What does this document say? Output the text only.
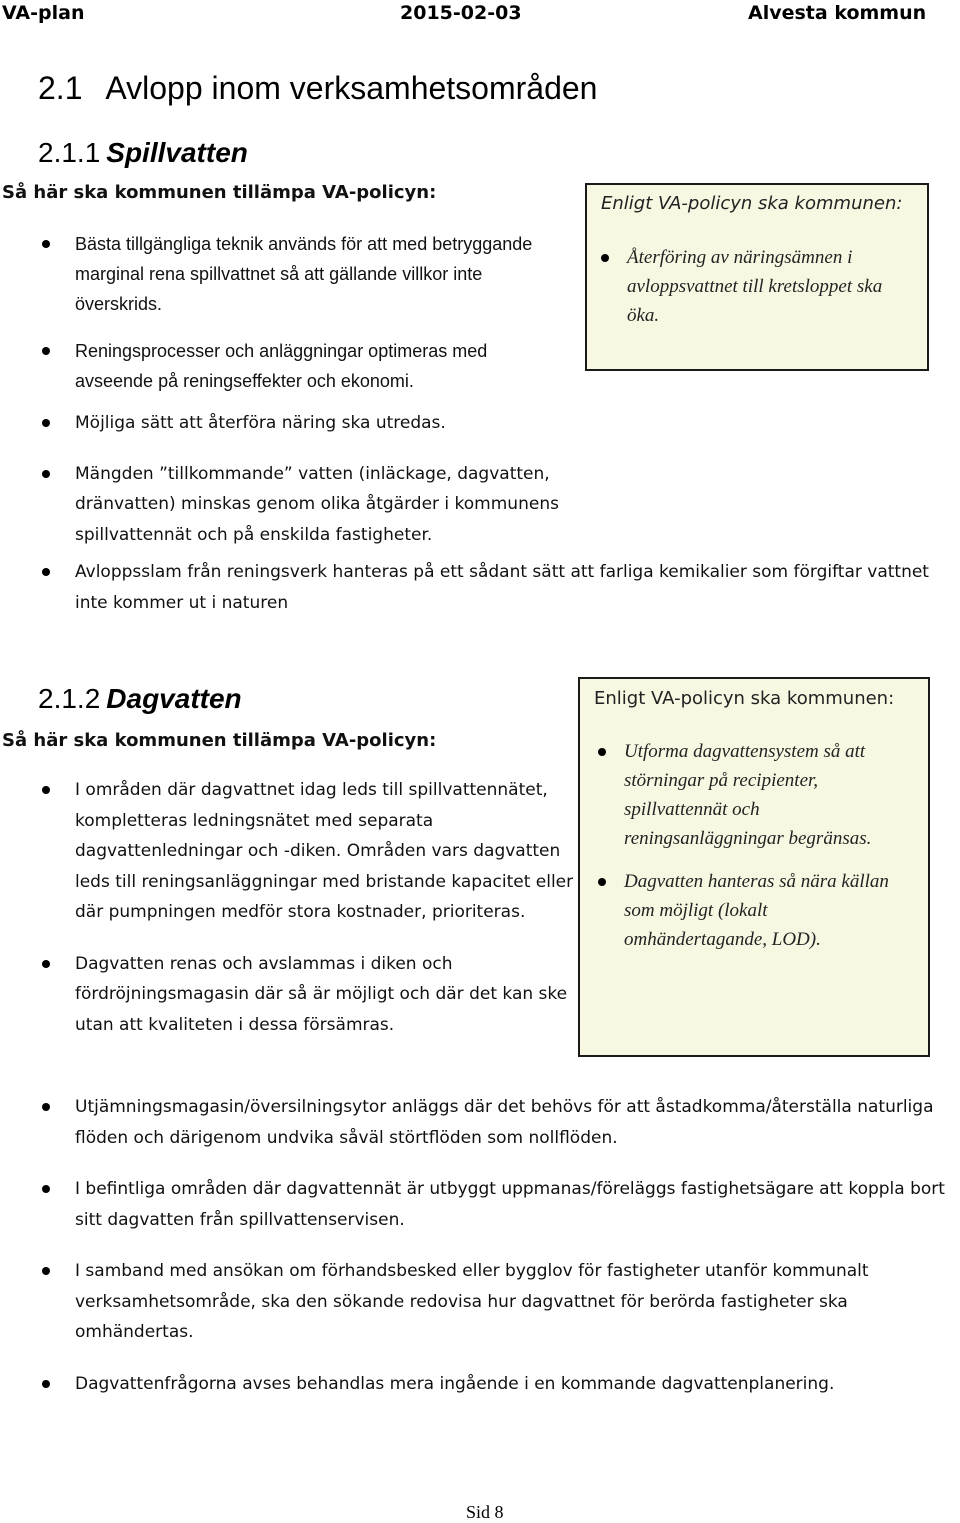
VA-plan	2015-02-03	Alvesta kommun
2.1 Avlopp inom verksamhetsområden
2.1.1 Spillvatten
Så här ska kommunen tillämpa VA-policyn:
Bästa tillgängliga teknik används för att med betryggande marginal rena spillvattnet så att gällande villkor inte överskrids.
Reningsprocesser och anläggningar optimeras med avseende på reningseffekter och ekonomi.
Möjliga sätt att återföra näring ska utredas.
Mängden ”tillkommande” vatten (inläckage, dagvatten, dränvatten) minskas genom olika åtgärder i kommunens spillvattennät och på enskilda fastigheter.
Avloppsslam från reningsverk hanteras på ett sådant sätt att farliga kemikalier som förgiftar vattnet inte kommer ut i naturen
Enligt VA-policyn ska kommunen:
Återföring av näringsämnen i avloppsvattnet till kretsloppet ska öka.
2.1.2 Dagvatten
Så här ska kommunen tillämpa VA-policyn:
I områden där dagvattnet idag leds till spillvattennätet, kompletteras ledningsnätet med separata dagvattenledningar och -diken. Områden vars dagvatten leds till reningsanläggningar med bristande kapacitet eller där pumpningen medför stora kostnader, prioriteras.
Dagvatten renas och avslammas i diken och fördröjningsmagasin där så är möjligt och där det kan ske utan att kvaliteten i dessa försämras.
Utjämningsmagasin/översilningsytor anläggs där det behövs för att åstadkomma/återställa naturliga flöden och därigenom undvika såväl störtflöden som nollflöden.
I befintliga områden där dagvattennät är utbyggt uppmanas/föreläggs fastighetsägare att koppla bort sitt dagvatten från spillvattenservisen.
I samband med ansökan om förhandsbesked eller bygglov för fastigheter utanför kommunalt verksamhetsområde, ska den sökande redovisa hur dagvattnet för berörda fastigheter ska omhändertas.
Dagvattenfrågorna avses behandlas mera ingående i en kommande dagvattenplanering.
Enligt VA-policyn ska kommunen:
Utforma dagvattensystem så att störningar på recipienter, spillvattennät och reningsanläggningar begränsas.
Dagvatten hanteras så nära källan som möjligt (lokalt omhändertagande, LOD).
Sid 8
